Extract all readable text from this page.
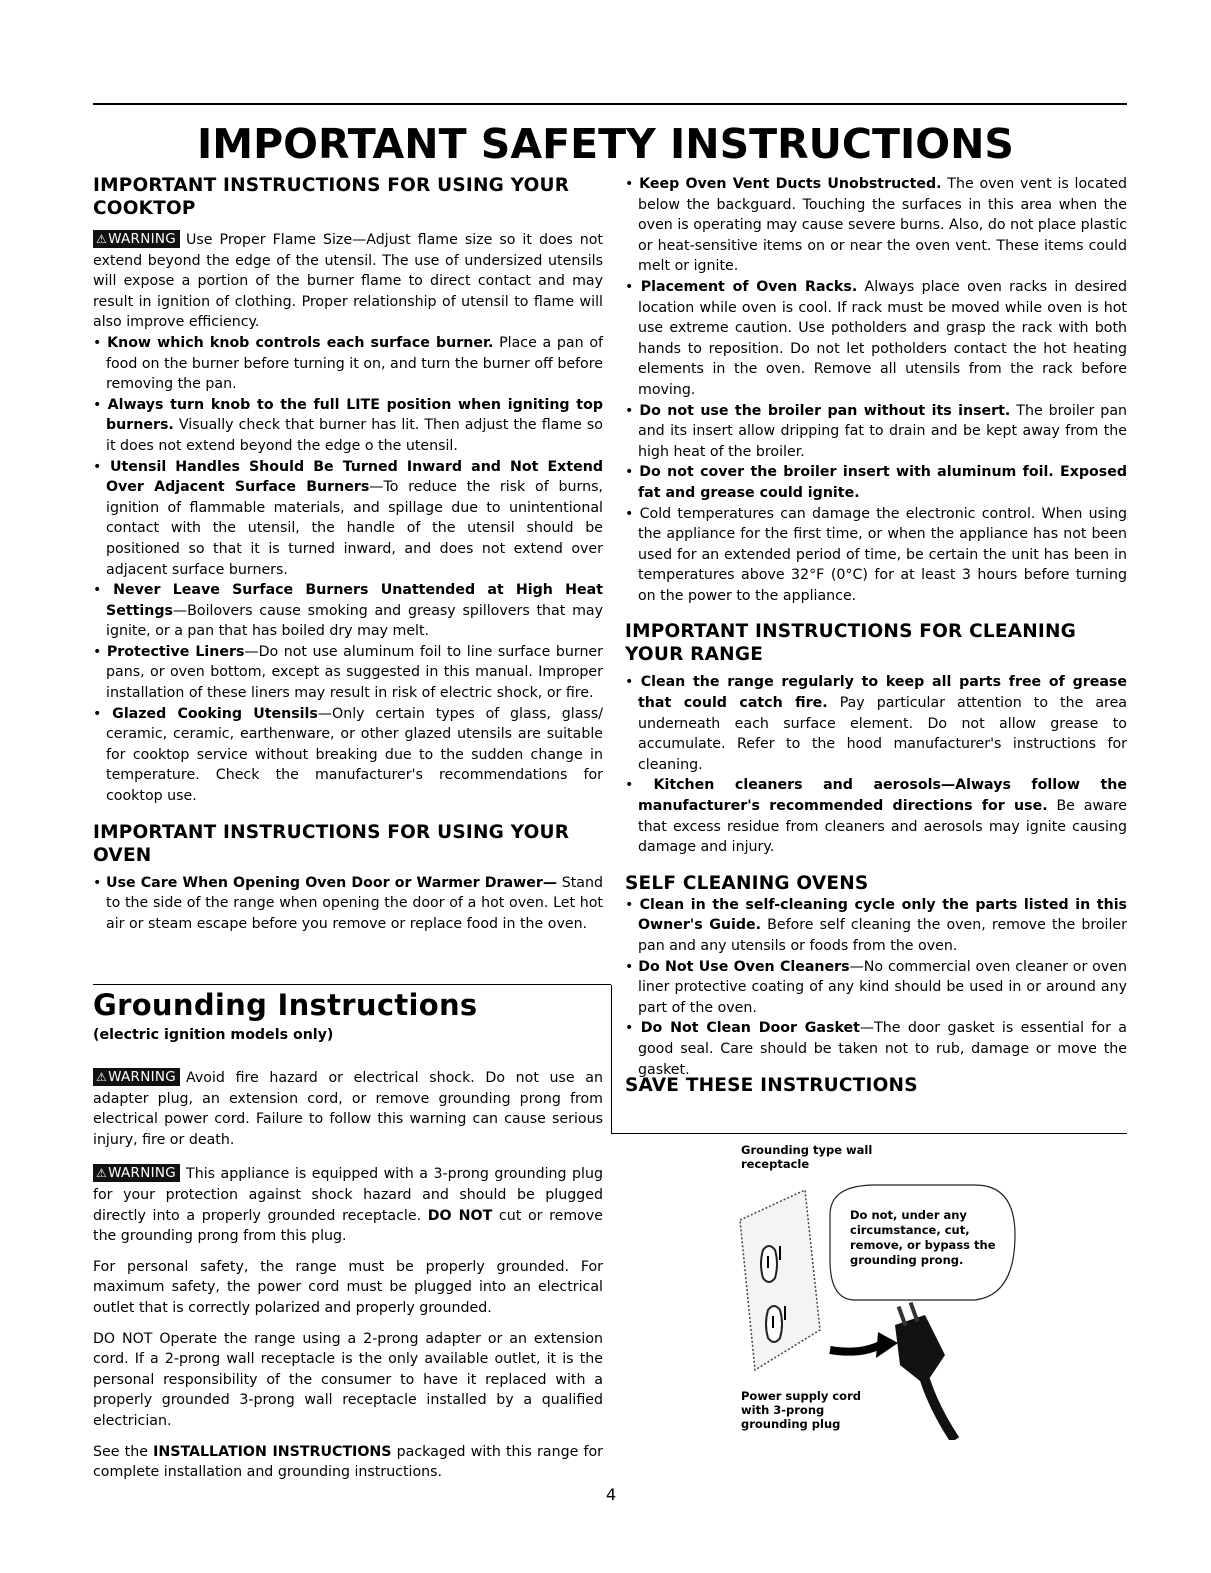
IMPORTANT SAFETY INSTRUCTIONS
IMPORTANT INSTRUCTIONS FOR USING YOUR COOKTOP

⚠WARNING Use Proper Flame Size—Adjust flame size so it does not extend beyond the edge of the utensil. The use of undersized utensils will expose a portion of the burner flame to direct contact and may result in ignition of clothing. Proper relationship of utensil to flame will also improve efficiency.

• Know which knob controls each surface burner. Place a pan of food on the burner before turning it on, and turn the burner off before removing the pan.

• Always turn knob to the full LITE position when igniting top burners. Visually check that burner has lit. Then adjust the flame so it does not extend beyond the edge o the utensil.

• Utensil Handles Should Be Turned Inward and Not Extend Over Adjacent Surface Burners—To reduce the risk of burns, ignition of flammable materials, and spillage due to unintentional contact with the utensil, the handle of the utensil should be positioned so that it is turned inward, and does not extend over adjacent surface burners.

• Never Leave Surface Burners Unattended at High Heat Settings—Boilovers cause smoking and greasy spillovers that may ignite, or a pan that has boiled dry may melt.

• Protective Liners—Do not use aluminum foil to line surface burner pans, or oven bottom, except as suggested in this manual. Improper installation of these liners may result in risk of electric shock, or fire.

• Glazed Cooking Utensils—Only certain types of glass, glass/ ceramic, ceramic, earthenware, or other glazed utensils are suitable for cooktop service without breaking due to the sudden change in temperature. Check the manufacturer's recommendations for cooktop use.

IMPORTANT INSTRUCTIONS FOR USING YOUR OVEN

• Use Care When Opening Oven Door or Warmer Drawer— Stand to the side of the range when opening the door of a hot oven. Let hot air or steam escape before you remove or replace food in the oven.

Grounding Instructions
(electric ignition models only)

⚠WARNING Avoid fire hazard or electrical shock. Do not use an adapter plug, an extension cord, or remove grounding prong from electrical power cord. Failure to follow this warning can cause serious injury, fire or death.

⚠WARNING This appliance is equipped with a 3-prong grounding plug for your protection against shock hazard and should be plugged directly into a properly grounded receptacle. DO NOT cut or remove the grounding prong from this plug.

For personal safety, the range must be properly grounded. For maximum safety, the power cord must be plugged into an electrical outlet that is correctly polarized and properly grounded.

DO NOT Operate the range using a 2-prong adapter or an extension cord. If a 2-prong wall receptacle is the only available outlet, it is the personal responsibility of the consumer to have it replaced with a properly grounded 3-prong wall receptacle installed by a qualified electrician.

See the INSTALLATION INSTRUCTIONS packaged with this range for complete installation and grounding instructions.

• Keep Oven Vent Ducts Unobstructed. The oven vent is located below the backguard. Touching the surfaces in this area when the oven is operating may cause severe burns. Also, do not place plastic or heat-sensitive items on or near the oven vent. These items could melt or ignite.

• Placement of Oven Racks. Always place oven racks in desired location while oven is cool. If rack must be moved while oven is hot use extreme caution. Use potholders and grasp the rack with both hands to reposition. Do not let potholders contact the hot heating elements in the oven. Remove all utensils from the rack before moving.

• Do not use the broiler pan without its insert. The broiler pan and its insert allow dripping fat to drain and be kept away from the high heat of the broiler.

• Do not cover the broiler insert with aluminum foil. Exposed fat and grease could ignite.

• Cold temperatures can damage the electronic control. When using the appliance for the first time, or when the appliance has not been used for an extended period of time, be certain the unit has been in temperatures above 32°F (0°C) for at least 3 hours before turning on the power to the appliance.

IMPORTANT INSTRUCTIONS FOR CLEANING YOUR RANGE

• Clean the range regularly to keep all parts free of grease that could catch fire. Pay particular attention to the area underneath each surface element. Do not allow grease to accumulate. Refer to the hood manufacturer's instructions for cleaning.

• Kitchen cleaners and aerosols—Always follow the manufacturer's recommended directions for use. Be aware that excess residue from cleaners and aerosols may ignite causing damage and injury.

SELF CLEANING OVENS

• Clean in the self-cleaning cycle only the parts listed in this Owner's Guide. Before self cleaning the oven, remove the broiler pan and any utensils or foods from the oven.

• Do Not Use Oven Cleaners—No commercial oven cleaner or oven liner protective coating of any kind should be used in or around any part of the oven.

• Do Not Clean Door Gasket—The door gasket is essential for a good seal. Care should be taken not to rub, damage or move the gasket.

SAVE THESE INSTRUCTIONS
Grounding type wall receptacle
Do not, under any circumstance, cut, remove, or bypass the grounding prong.
Power supply cord with 3-prong grounding plug
4
